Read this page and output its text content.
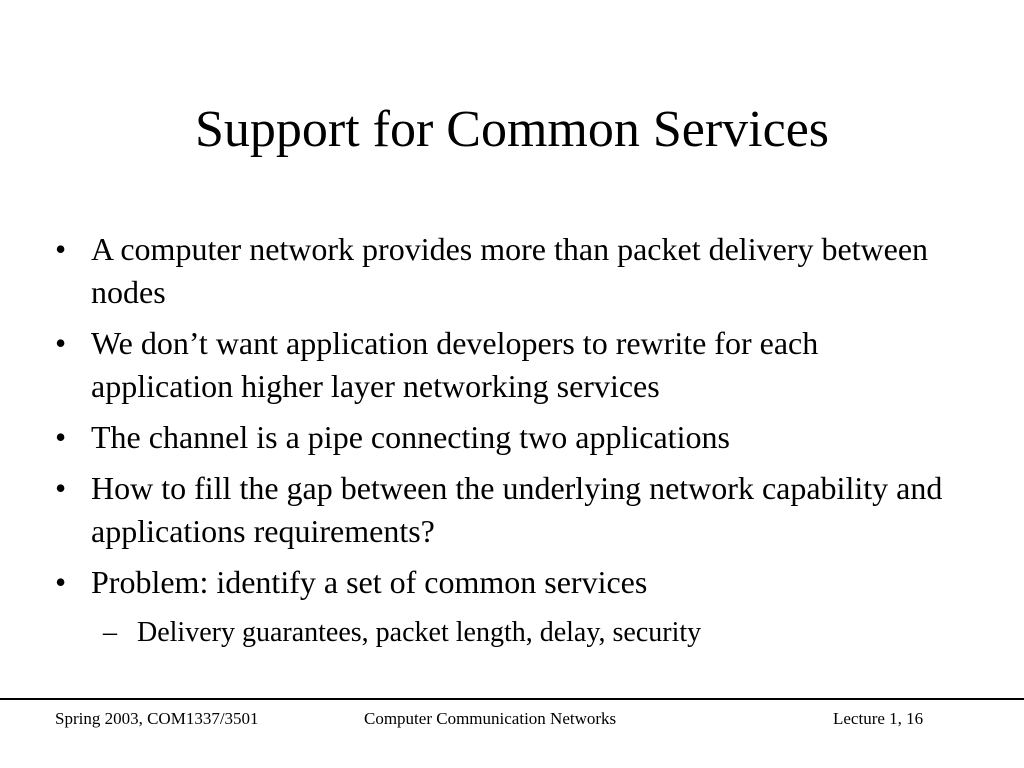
Support for Common Services
• A computer network provides more than packet delivery between nodes
• We don’t want application developers to rewrite for each application higher layer networking services
• The channel is a pipe connecting two applications
• How to fill the gap between the underlying network capability and applications requirements?
• Problem: identify a set of common services
– Delivery guarantees, packet length, delay, security
Spring 2003, COM1337/3501	Computer Communication Networks	Lecture 1, 16
